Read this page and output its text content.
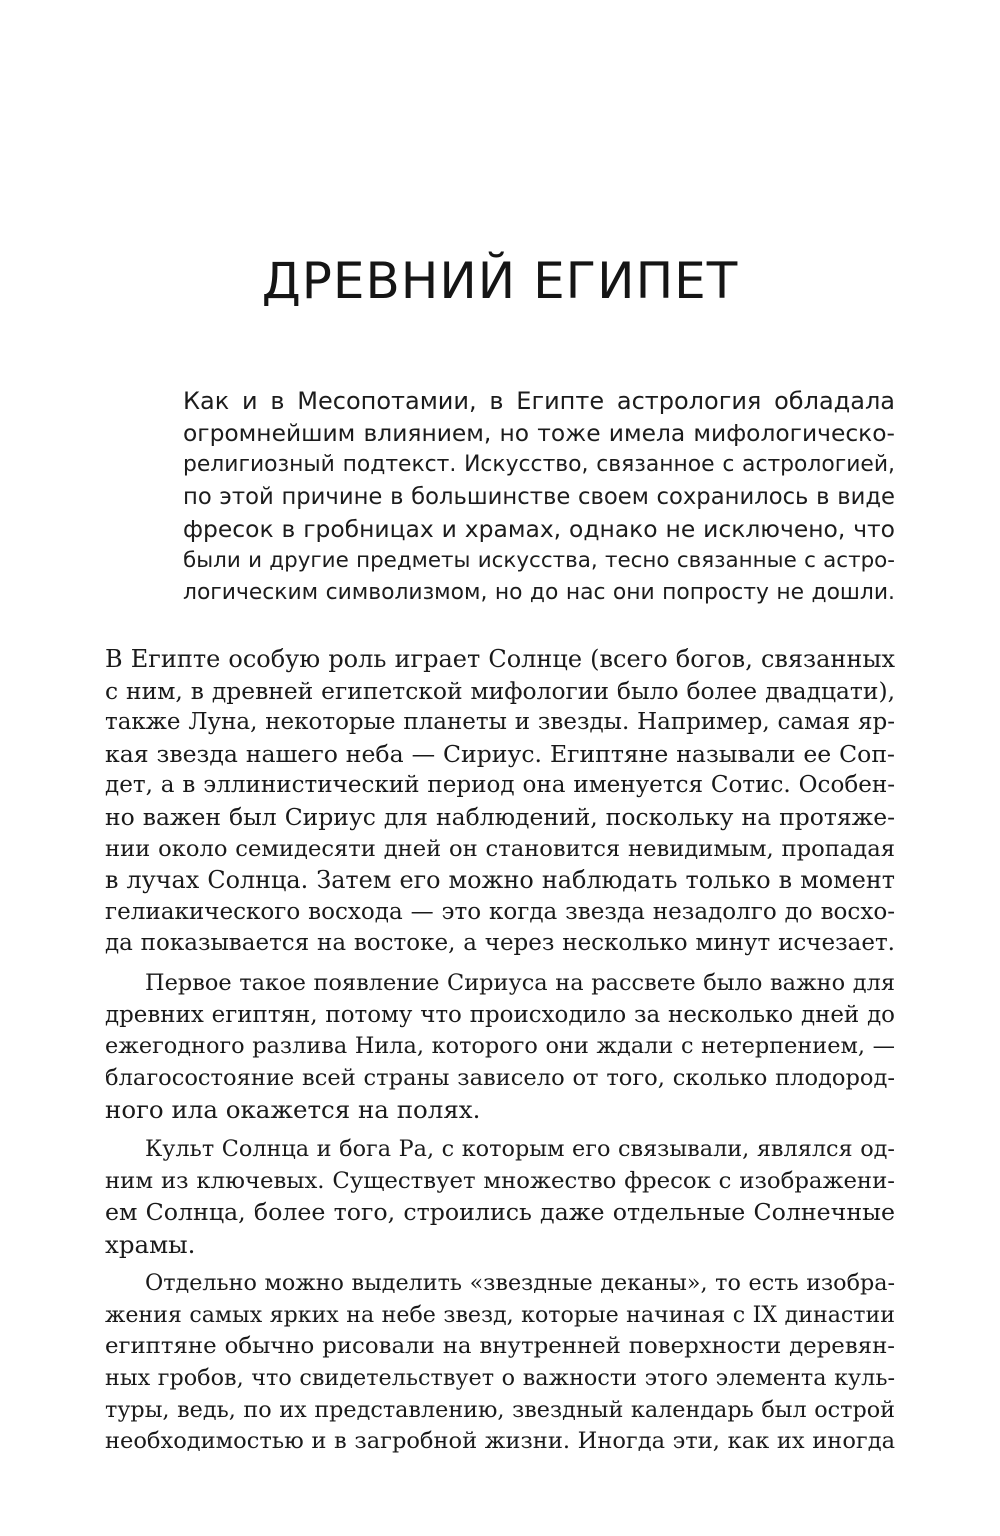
ДРЕВНИЙ ЕГИПЕТ
Как и в Месопотамии, в Египте астрология обладала
огромнейшим влиянием, но тоже имела мифологическо-
религиозный подтекст. Искусство, связанное с астрологией,
по этой причине в большинстве своем сохранилось в виде
фресок в гробницах и храмах, однако не исключено, что
были и другие предметы искусства, тесно связанные с астро-
логическим символизмом, но до нас они попросту не дошли.
В Египте особую роль играет Солнце (всего богов, связанных
с ним, в древней египетской мифологии было более двадцати),
также Луна, некоторые планеты и звезды. Например, самая яр-
кая звезда нашего неба — Сириус. Египтяне называли ее Соп-
дет, а в эллинистический период она именуется Сотис. Особен-
но важен был Сириус для наблюдений, поскольку на протяже-
нии около семидесяти дней он становится невидимым, пропадая
в лучах Солнца. Затем его можно наблюдать только в момент
гелиакического восхода — это когда звезда незадолго до восхо-
да показывается на востоке, а через несколько минут исчезает.
Первое такое появление Сириуса на рассвете было важно для
древних египтян, потому что происходило за несколько дней до
ежегодного разлива Нила, которого они ждали с нетерпением, —
благосостояние всей страны зависело от того, сколько плодород-
ного ила окажется на полях.
Культ Солнца и бога Ра, с которым его связывали, являлся од-
ним из ключевых. Существует множество фресок с изображени-
ем Солнца, более того, строились даже отдельные Солнечные
храмы.
Отдельно можно выделить «звездные деканы», то есть изобра-
жения самых ярких на небе звезд, которые начиная с IX династии
египтяне обычно рисовали на внутренней поверхности деревян-
ных гробов, что свидетельствует о важности этого элемента куль-
туры, ведь, по их представлению, звездный календарь был острой
необходимостью и в загробной жизни. Иногда эти, как их иногда
